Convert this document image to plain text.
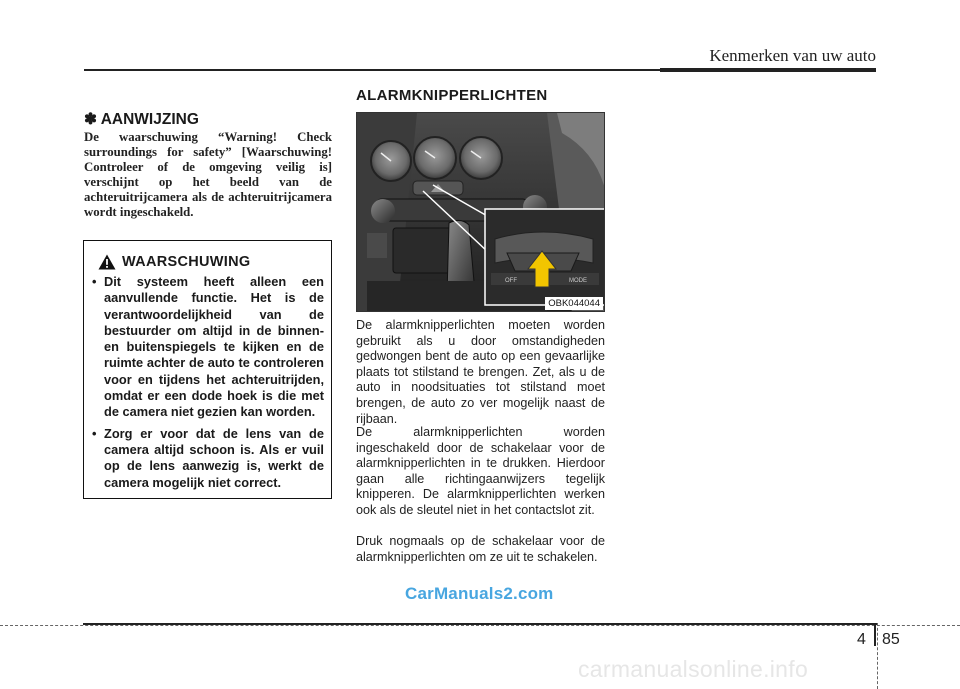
Kenmerken van uw auto
✽ AANWIJZING
De waarschuwing “Warning! Check surroundings for safety” [Waarschuwing! Controleer of de omgeving veilig is] verschijnt op het beeld van de achteruitrijcamera als de achteruitrijcamera wordt ingeschakeld.
WAARSCHUWING
• Dit systeem heeft alleen een aanvullende functie. Het is de verantwoordelijkheid van de bestuurder om altijd in de binnen- en buitenspiegels te kijken en de ruimte achter de auto te controleren voor en tijdens het achteruitrijden, omdat er een dode hoek is die met de camera niet gezien kan worden.
• Zorg er voor dat de lens van de camera altijd schoon is. Als er vuil op de lens aanwezig is, werkt de camera mogelijk niet correct.
ALARMKNIPPERLICHTEN
OFF	MODE
OBK044044
De alarmknipperlichten moeten worden gebruikt als u door omstandigheden gedwongen bent de auto op een gevaarlijke plaats tot stilstand te brengen. Zet, als u de auto in noodsituaties tot stilstand moet brengen, de auto zo ver mogelijk naast de rijbaan.
De alarmknipperlichten worden ingeschakeld door de schakelaar voor de alarmknipperlichten in te drukken. Hierdoor gaan alle richtingaanwijzers tegelijk knipperen. De alarmknipperlichten werken ook als de sleutel niet in het contactslot zit.
Druk nogmaals op de schakelaar voor de alarmknipperlichten om ze uit te schakelen.
CarManuals2.com
4 85
carmanualsonline.info
